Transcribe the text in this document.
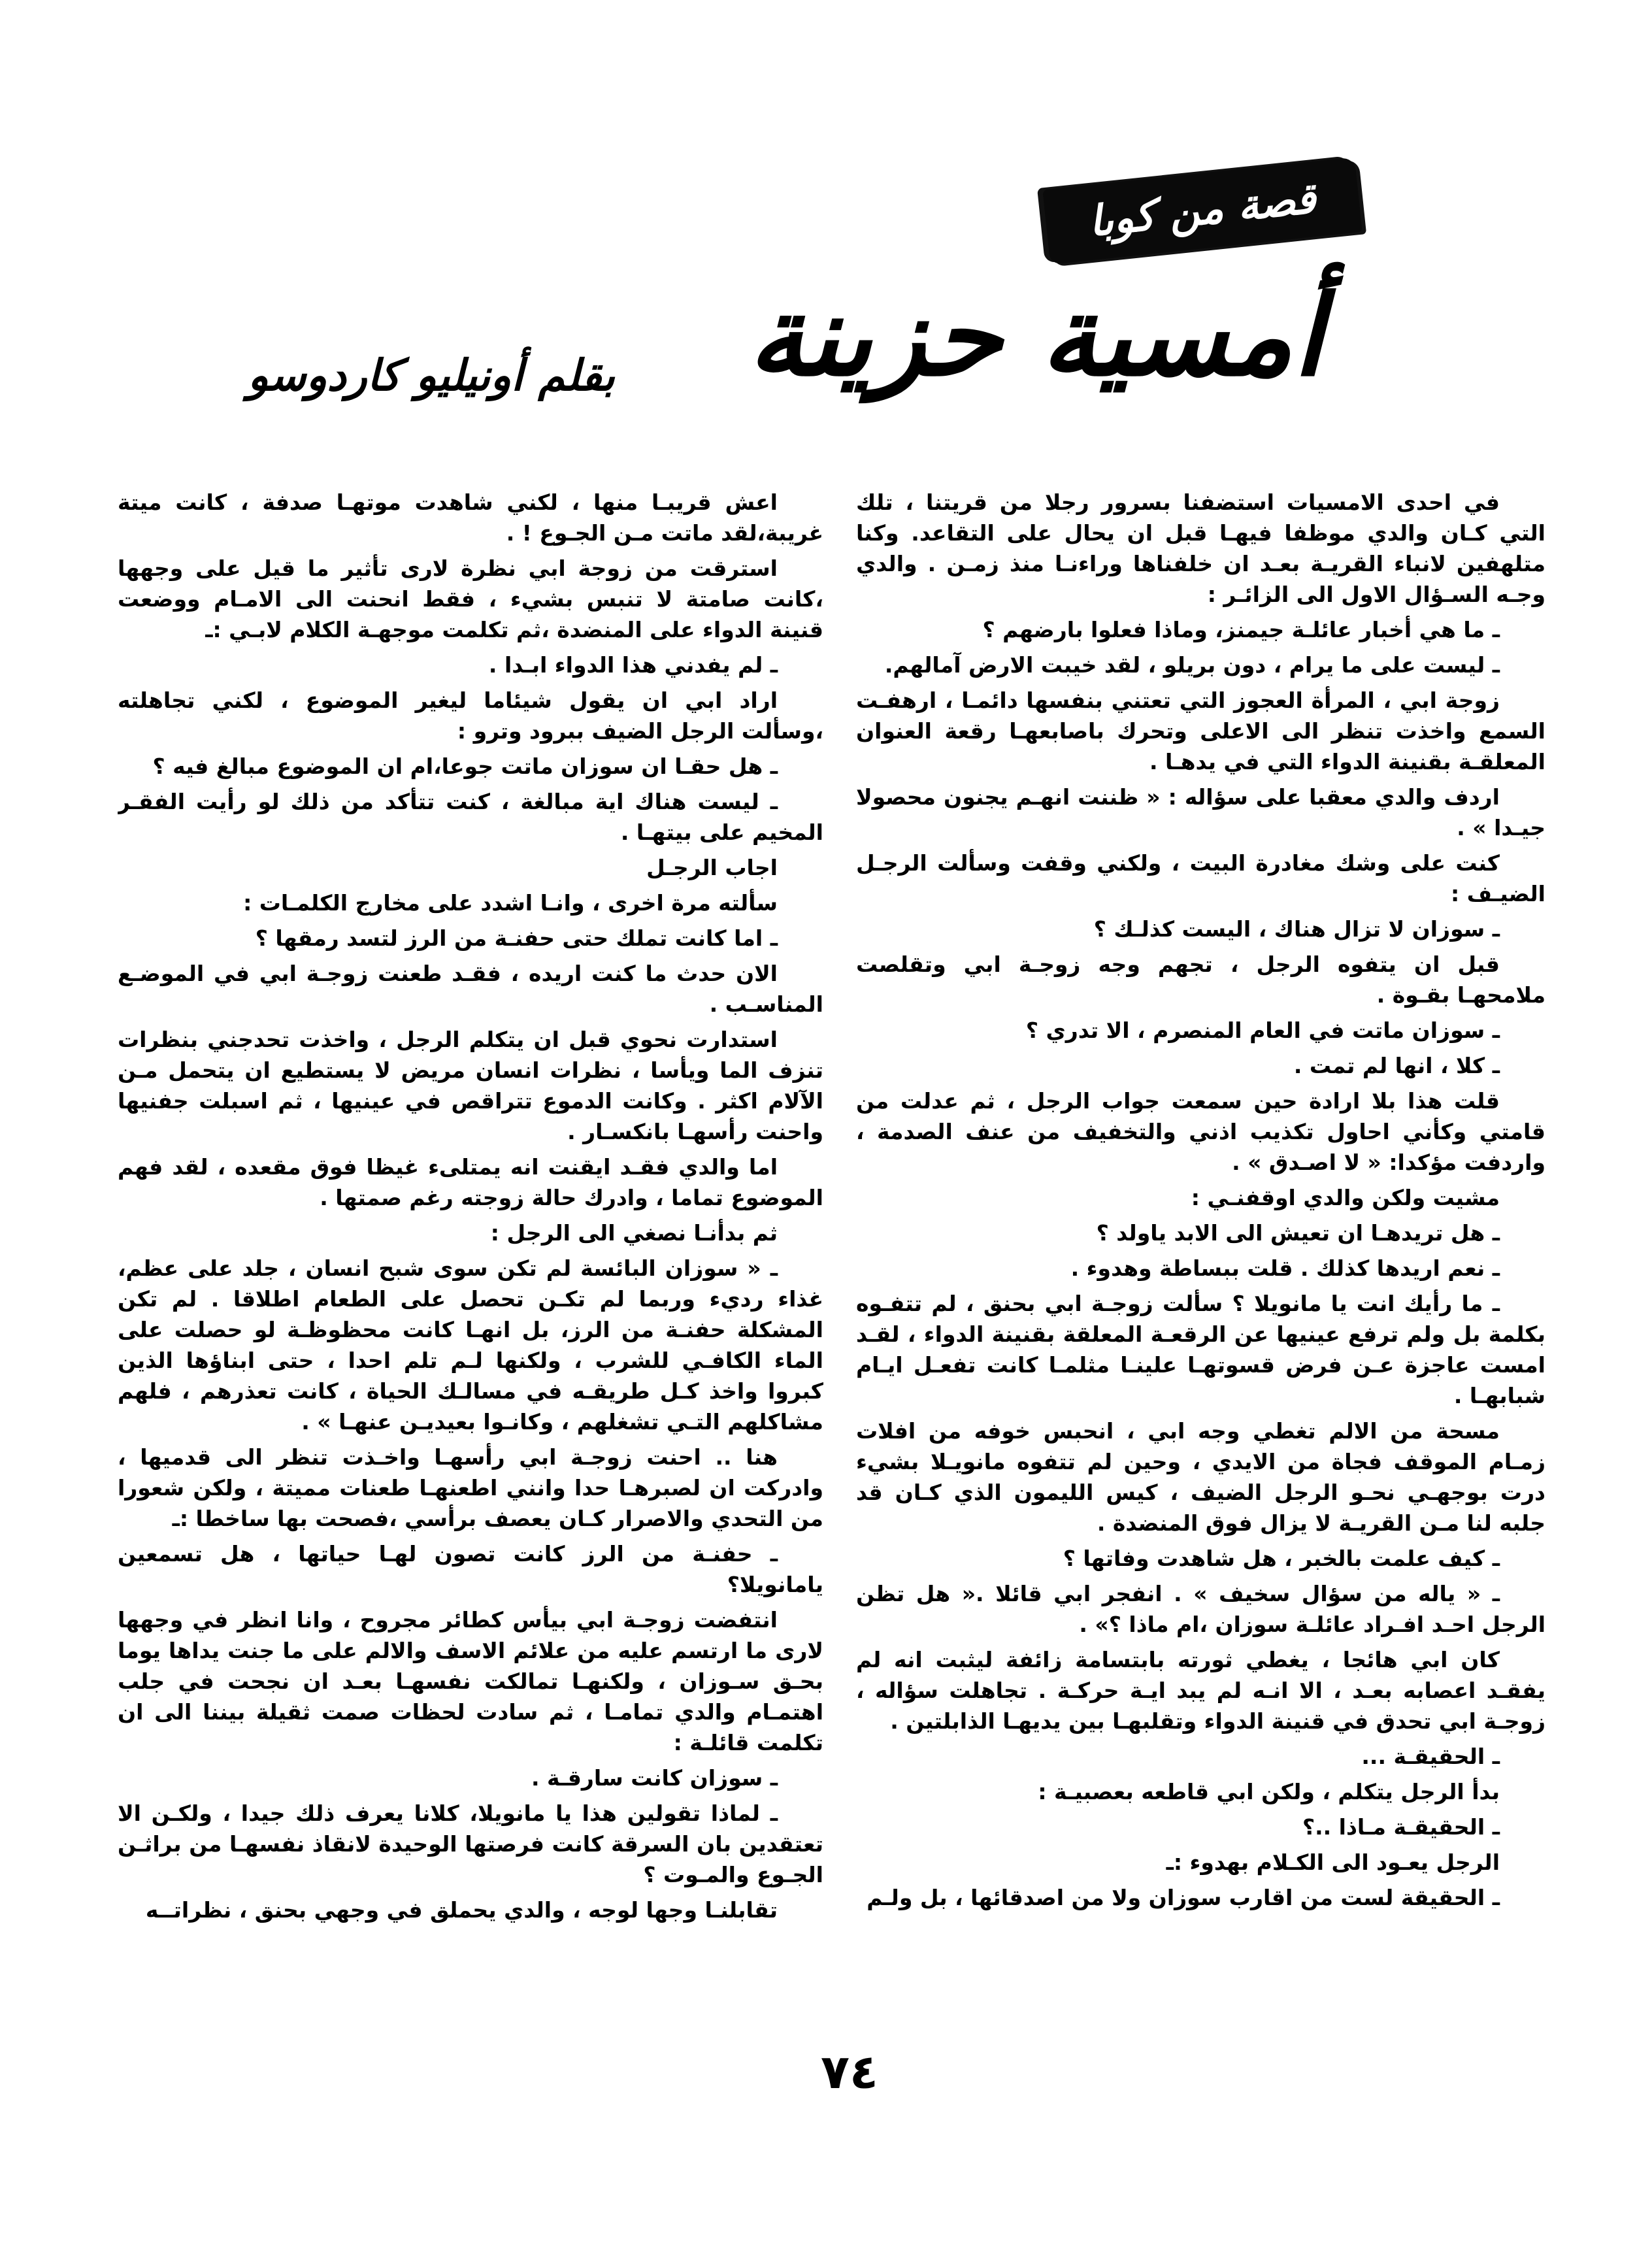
قصة من كوبا
أمسية حزينة
بقلم أونيليو كاردوسو

في احدى الامسيات استضفنا بسرور رجلا من قريتنا ، تلك التي كـان والدي موظفا فيهـا قبل ان يحال على التقاعد. وكنا متلهفين لانباء القريـة بعـد ان خلفناها وراءنـا منذ زمـن . والدي وجـه السـؤال الاول الى الزائـر :

ـ ما هي أخبار عائلـة جيمنز، وماذا فعلوا بارضهم ؟

ـ ليست على ما يرام ، دون بريلو ، لقد خيبت الارض آمالهم.

زوجة ابي ، المرأة العجوز التي تعتني بنفسها دائمـا ، ارهفـت السمع واخذت تنظر الى الاعلى وتحرك باصابعهـا رقعة العنوان المعلقـة بقنينة الدواء التي في يدهـا .

اردف والدي معقبا على سؤاله : « ظننت انهـم يجنون محصولا جيـدا » .

كنت على وشك مغادرة البيت ، ولكني وقفت وسألت الرجـل الضيـف :

ـ سوزان لا تزال هناك ، اليست كذلـك ؟

قبل ان يتفوه الرجل ، تجهم وجه زوجـة ابي وتقلصت ملامحهـا بقـوة .

ـ سوزان ماتت في العام المنصرم ، الا تدري ؟

ـ كلا ، انها لم تمت .

قلت هذا بلا ارادة حين سمعت جواب الرجل ، ثم عدلت من قامتي وكأني احاول تكذيب اذني والتخفيف من عنف الصدمة ، واردفت مؤكدا: « لا اصـدق » .

مشيت ولكن والدي اوقفنـي :

ـ هل تريدهـا ان تعيش الى الابد ياولد ؟

ـ نعم اريدها كذلك . قلت ببساطة وهدوء .

ـ ما رأيك انت يا مانويلا ؟ سألت زوجـة ابي بحنق ، لم تتفـوه بكلمة بل ولم ترفع عينيها عن الرقعـة المعلقة بقنينة الدواء ، لقـد امست عاجزة عـن فرض قسوتهـا علينـا مثلمـا كانت تفعـل ايـام شبابهـا .

مسحة من الالم تغطي وجه ابي ، انحبس خوفه من افلات زمـام الموقف فجاة من الايدي ، وحين لم تتفوه مانويـلا بشيء درت بوجهـي نحـو الرجل الضيف ، كيس الليمون الذي كـان قد جلبه لنا مـن القريـة لا يزال فوق المنضدة .

ـ كيف علمت بالخبر ، هل شاهدت وفاتها ؟

ـ « ياله من سؤال سخيف » . انفجر ابي قائلا .« هل تظن الرجل احـد افـراد عائلـة سوزان ،ام ماذا ؟» .

كان ابي هائجا ، يغطي ثورته بابتسامة زائفة ليثبت انه لم يفقـد اعصابه بعـد ، الا انـه لم يبد ايـة حركـة . تجاهلت سؤاله ، زوجـة ابي تحدق في قنينة الدواء وتقلبهـا بين يديهـا الذابلتين .

ـ الحقيقـة ...

بدأ الرجل يتكلم ، ولكن ابي قاطعه بعصبيـة :

ـ الحقيقـة مـاذا ..؟

الرجل يعـود الى الكـلام بهدوء :ـ

ـ الحقيقة لست من اقارب سوزان ولا من اصدقائها ، بل ولـم

اعش قريبـا منها ، لكني شاهدت موتهـا صدفة ، كانت ميتة غريبة،لقد ماتت مـن الجـوع ! .

استرقت من زوجة ابي نظرة لارى تأثير ما قيل على وجهها ،كانت صامتة لا تنبس بشيء ، فقط انحنت الى الامـام ووضعت قنينة الدواء على المنضدة ،ثم تكلمت موجهـة الكلام لابـي :ـ

ـ لم يفدني هذا الدواء ابـدا .

اراد ابي ان يقول شيئاما ليغير الموضوع ، لكني تجاهلته ،وسألت الرجل الضيف ببرود وترو :

ـ هل حقـا ان سوزان ماتت جوعا،ام ان الموضوع مبالغ فيه ؟

ـ ليست هناك اية مبالغة ، كنت تتأكد من ذلك لو رأيت الفقـر المخيم على بيتهـا .

اجاب الرجـل

سألته مرة اخرى ، وانـا اشدد على مخارج الكلمـات :

ـ اما كانت تملك حتى حفنـة من الرز لتسد رمقها ؟

الان حدث ما كنت اريده ، فقـد طعنت زوجـة ابي في الموضـع المناسـب .

استدارت نحوي قبل ان يتكلم الرجل ، واخذت تحدجني بنظرات تنزف الما ويأسا ، نظرات انسان مريض لا يستطيع ان يتحمل مـن الآلام اكثر . وكانت الدموع تتراقص في عينيها ، ثم اسبلت جفنيها واحنت رأسهـا بانكسـار .

اما والدي فقـد ايقنت انه يمتلىء غيظا فوق مقعده ، لقد فهم الموضوع تماما ، وادرك حالة زوجته رغم صمتها .

ثم بدأنـا نصغي الى الرجل :

ـ « سوزان البائسة لم تكن سوى شبح انسان ، جلد على عظم، غذاء رديء وربما لم تكـن تحصل على الطعام اطلاقا . لم تكن المشكلة حفنـة من الرز، بل انهـا كانت محظوظـة لو حصلت على الماء الكافـي للشرب ، ولكنها لـم تلم احدا ، حتى ابناؤها الذين كبروا واخذ كـل طريقـه في مسالـك الحياة ، كانت تعذرهم ، فلهم مشاكلهم التـي تشغلهم ، وكانـوا بعيديـن عنهـا » .

هنا .. احنت زوجـة ابي رأسهـا واخـذت تنظر الى قدميها ، وادركت ان لصبرهـا حدا وانني اطعنهـا طعنات مميتة ، ولكن شعورا من التحدي والاصرار كـان يعصف برأسي ،فصحت بها ساخطا :ـ

ـ حفنـة من الرز كانت تصون لهـا حياتها ، هل تسمعين يامانويلا؟

انتفضت زوجـة ابي بيأس كطائر مجروح ، وانا انظر في وجهها لارى ما ارتسم عليه من علائم الاسف والالم على ما جنت يداها يوما بحـق سـوزان ، ولكنهـا تمالكت نفسهـا بعـد ان نجحت في جلب اهتمـام والدي تمامـا ، ثم سادت لحظات صمت ثقيلة بيننا الى ان تكلمت قائلـة :

ـ سوزان كانت سارقـة .

ـ لماذا تقولين هذا يا مانويلا، كلانا يعرف ذلك جيدا ، ولكـن الا تعتقدين بان السرقة كانت فرصتها الوحيدة لانقاذ نفسهـا من براثـن الجـوع والمـوت ؟

تقابلنـا وجها لوجه ، والدي يحملق في وجهي بحنق ، نظراتــه

٧٤
